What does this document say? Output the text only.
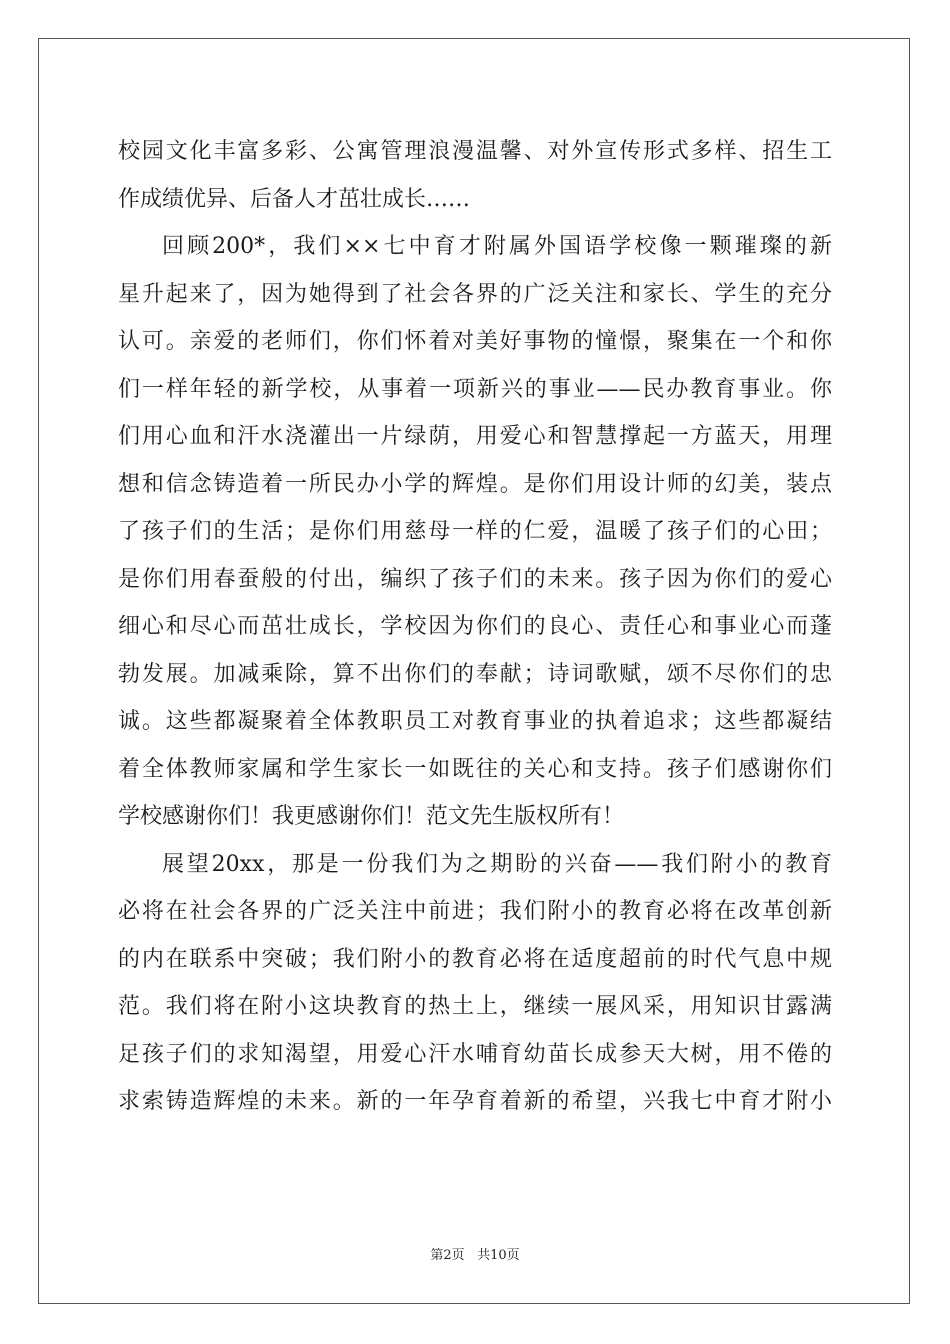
校园文化丰富多彩、公寓管理浪漫温馨、对外宣传形式多样、招生工
作成绩优异、后备人才茁壮成长……
回顾200*，我们××七中育才附属外国语学校像一颗璀璨的新
星升起来了，因为她得到了社会各界的广泛关注和家长、学生的充分
认可。亲爱的老师们，你们怀着对美好事物的憧憬，聚集在一个和你
们一样年轻的新学校，从事着一项新兴的事业——民办教育事业。你
们用心血和汗水浇灌出一片绿荫，用爱心和智慧撑起一方蓝天，用理
想和信念铸造着一所民办小学的辉煌。是你们用设计师的幻美，装点
了孩子们的生活；是你们用慈母一样的仁爱，温暖了孩子们的心田；
是你们用春蚕般的付出，编织了孩子们的未来。孩子因为你们的爱心
细心和尽心而茁壮成长，学校因为你们的良心、责任心和事业心而蓬
勃发展。加减乘除，算不出你们的奉献；诗词歌赋，颂不尽你们的忠
诚。这些都凝聚着全体教职员工对教育事业的执着追求；这些都凝结
着全体教师家属和学生家长一如既往的关心和支持。孩子们感谢你们
学校感谢你们！我更感谢你们！范文先生版权所有！
展望20xx，那是一份我们为之期盼的兴奋——我们附小的教育
必将在社会各界的广泛关注中前进；我们附小的教育必将在改革创新
的内在联系中突破；我们附小的教育必将在适度超前的时代气息中规
范。我们将在附小这块教育的热土上，继续一展风采，用知识甘露满
足孩子们的求知渴望，用爱心汗水哺育幼苗长成参天大树，用不倦的
求索铸造辉煌的未来。新的一年孕育着新的希望，兴我七中育才附小
第2页 共10页
